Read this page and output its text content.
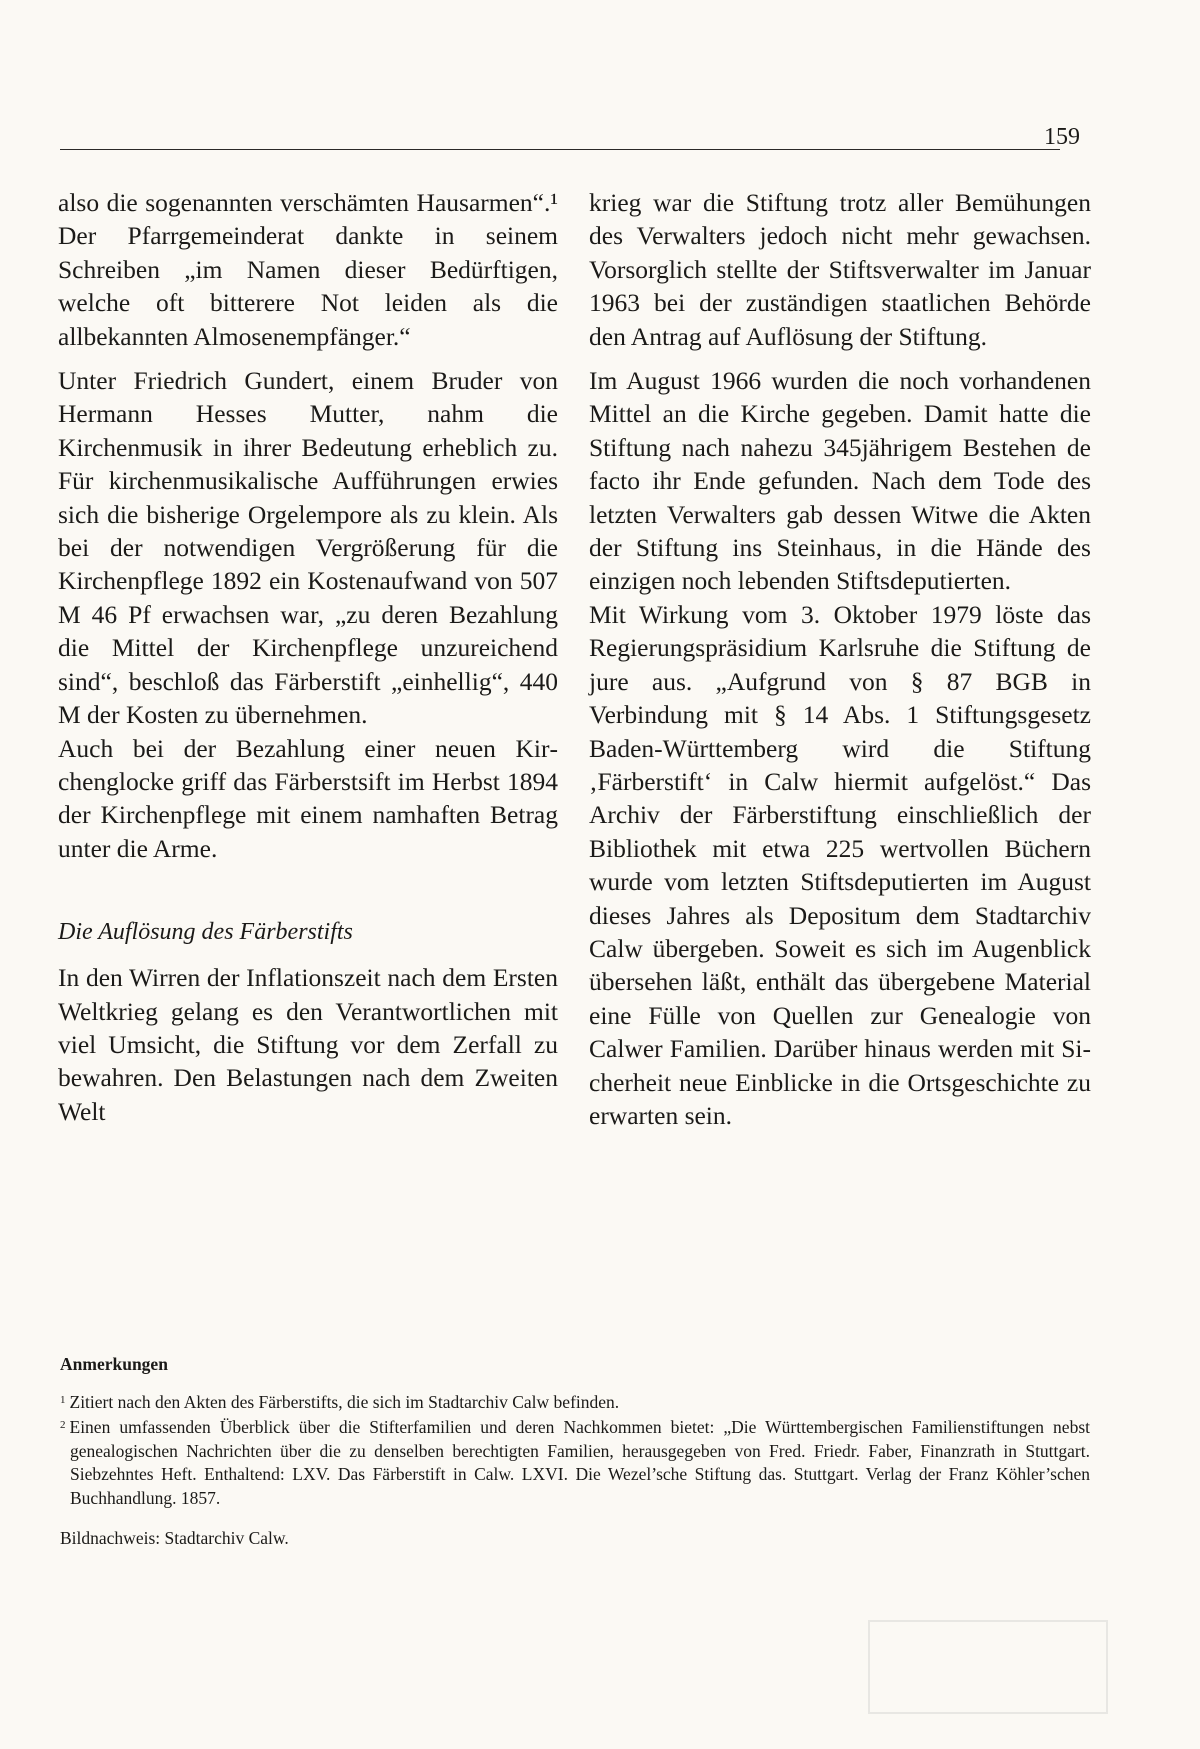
159

also die sogenannten verschämten Hausarmen“.¹ Der Pfarrgemeinderat dankte in seinem Schreiben „im Namen dieser Bedürftigen, welche oft bitterere Not leiden als die allbekannten Almosenempfänger.“

Unter Friedrich Gundert, einem Bruder von Hermann Hesses Mutter, nahm die Kirchenmusik in ihrer Bedeutung erheblich zu. Für kirchenmusikalische Aufführungen erwies sich die bisherige Orgelempore als zu klein. Als bei der notwendigen Vergrößerung für die Kirchenpflege 1892 ein Kostenaufwand von 507 M 46 Pf erwachsen war, „zu deren Bezahlung die Mittel der Kirchenpflege unzureichend sind“, beschloß das Färberstift „einhellig“, 440 M der Kosten zu übernehmen.

Auch bei der Bezahlung einer neuen Kirchenglocke griff das Färberstsift im Herbst 1894 der Kirchenpflege mit einem namhaften Betrag unter die Arme.

Die Auflösung des Färberstifts

In den Wirren der Inflationszeit nach dem Ersten Weltkrieg gelang es den Verantwortlichen mit viel Umsicht, die Stiftung vor dem Zerfall zu bewahren. Den Belastungen nach dem Zweiten Welt

krieg war die Stiftung trotz aller Bemühungen des Verwalters jedoch nicht mehr gewachsen. Vorsorglich stellte der Stiftsverwalter im Januar 1963 bei der zuständigen staatlichen Behörde den Antrag auf Auflösung der Stiftung.

Im August 1966 wurden die noch vorhandenen Mittel an die Kirche gegeben. Damit hatte die Stiftung nach nahezu 345jährigem Bestehen de facto ihr Ende gefunden. Nach dem Tode des letzten Verwalters gab dessen Witwe die Akten der Stiftung ins Steinhaus, in die Hände des einzigen noch lebenden Stiftsdeputierten.

Mit Wirkung vom 3. Oktober 1979 löste das Regierungspräsidium Karlsruhe die Stiftung de jure aus. „Aufgrund von § 87 BGB in Verbindung mit § 14 Abs. 1 Stiftungsgesetz Baden-Württemberg wird die Stiftung ‚Färberstift‘ in Calw hiermit aufgelöst.“ Das Archiv der Färberstiftung einschließlich der Bibliothek mit etwa 225 wertvollen Büchern wurde vom letzten Stiftsdeputierten im August dieses Jahres als Depositum dem Stadtarchiv Calw übergeben. Soweit es sich im Augenblick übersehen läßt, enthält das übergebene Material eine Fülle von Quellen zur Genealogie von Calwer Familien. Darüber hinaus werden mit Sicherheit neue Einblicke in die Ortsgeschichte zu erwarten sein.

Anmerkungen

$^1$ Zitiert nach den Akten des Färberstifts, die sich im Stadtarchiv Calw befinden.

$^2$ Einen umfassenden Überblick über die Stifterfamilien und deren Nachkommen bietet: „Die Württembergischen Familienstiftungen nebst genealogischen Nachrichten über die zu denselben berechtigten Familien, herausgegeben von Fred. Friedr. Faber, Finanzrath in Stuttgart. Siebzehntes Heft. Enthaltend: LXV. Das Färberstift in Calw. LXVI. Die Wezel’sche Stiftung das. Stuttgart. Verlag der Franz Köhler’schen Buchhandlung. 1857.

Bildnachweis: Stadtarchiv Calw.
